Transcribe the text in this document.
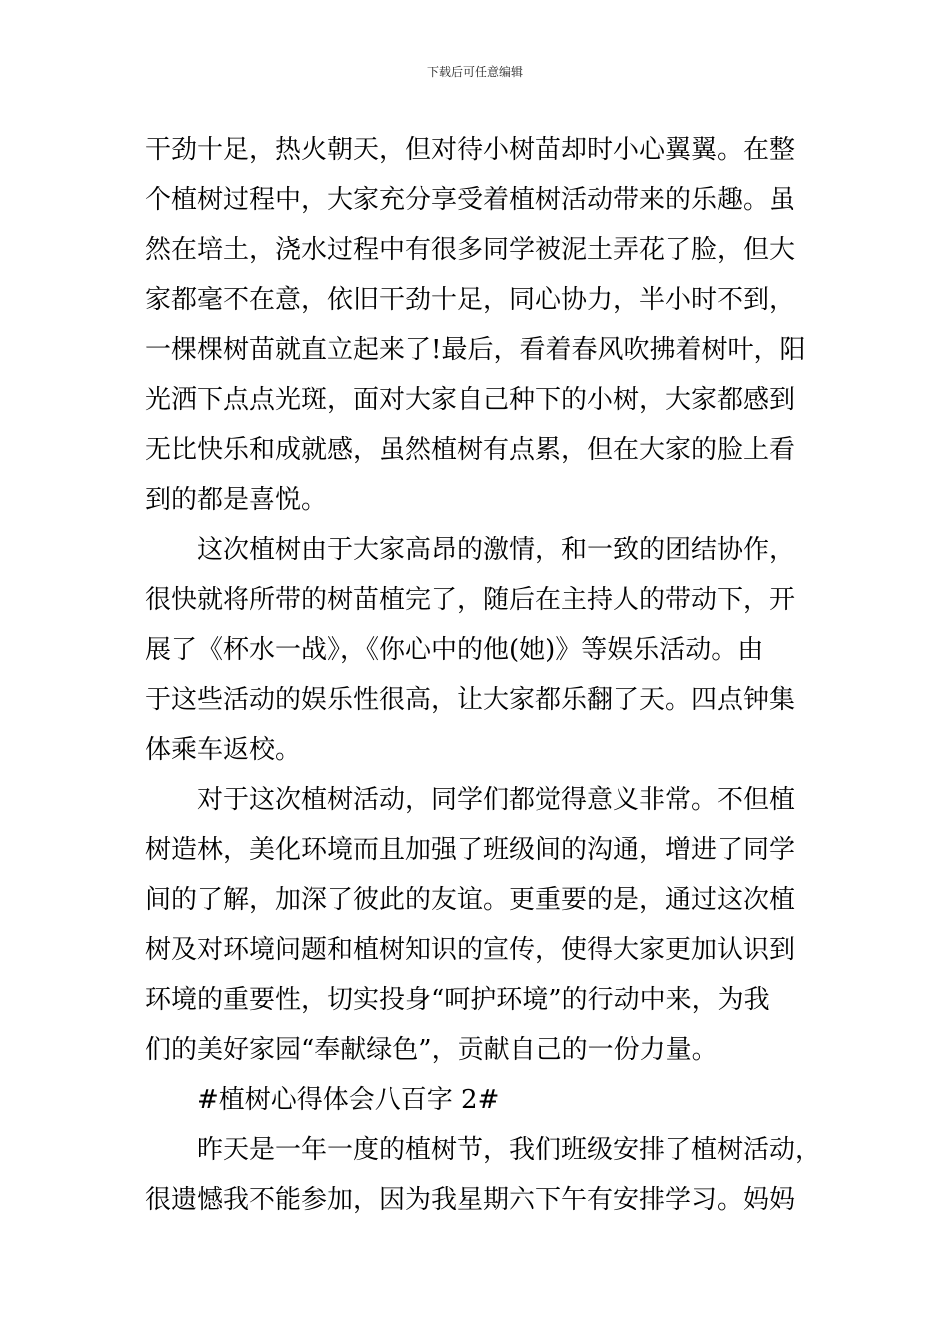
下载后可任意编辑
干劲十足，热火朝天，但对待小树苗却时小心翼翼。在整
个植树过程中，大家充分享受着植树活动带来的乐趣。虽
然在培土，浇水过程中有很多同学被泥土弄花了脸，但大
家都毫不在意，依旧干劲十足，同心协力，半小时不到，
一棵棵树苗就直立起来了!最后，看着春风吹拂着树叶，阳
光洒下点点光斑，面对大家自己种下的小树，大家都感到
无比快乐和成就感，虽然植树有点累，但在大家的脸上看
到的都是喜悦。
这次植树由于大家高昂的激情，和一致的团结协作，
很快就将所带的树苗植完了，随后在主持人的带动下，开
展了《杯水一战》，《你心中的他(她)》等娱乐活动。由
于这些活动的娱乐性很高，让大家都乐翻了天。四点钟集
体乘车返校。
对于这次植树活动，同学们都觉得意义非常。不但植
树造林，美化环境而且加强了班级间的沟通，增进了同学
间的了解，加深了彼此的友谊。更重要的是，通过这次植
树及对环境问题和植树知识的宣传，使得大家更加认识到
环境的重要性，切实投身“呵护环境”的行动中来，为我
们的美好家园“奉献绿色”，贡献自己的一份力量。
#植树心得体会八百字 2#
昨天是一年一度的植树节，我们班级安排了植树活动，
很遗憾我不能参加，因为我星期六下午有安排学习。妈妈
